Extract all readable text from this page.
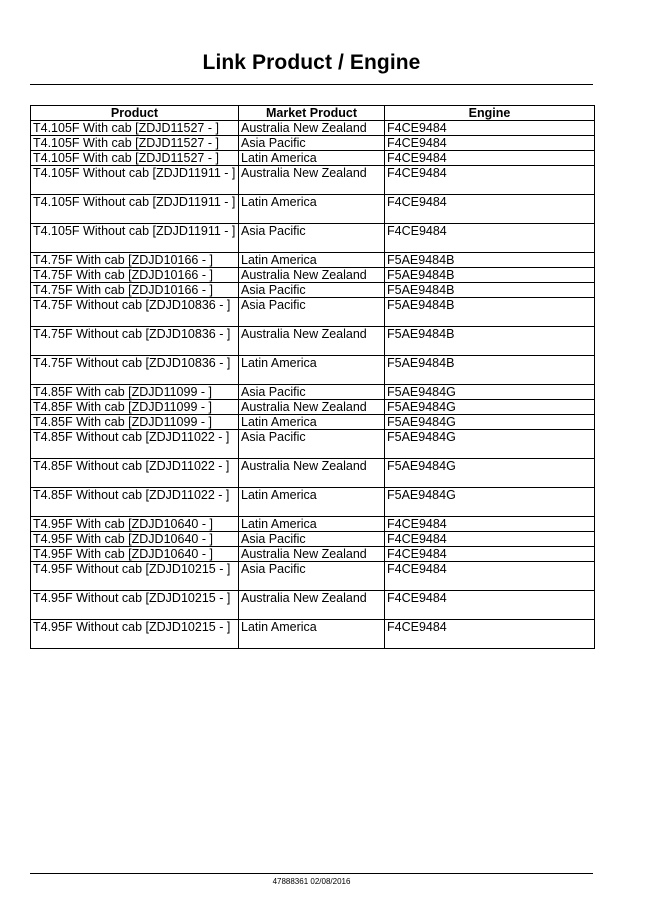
Link Product / Engine
Product	Market Product	Engine
T4.105F With cab [ZDJD11527 - ]	Australia New Zealand	F4CE9484
T4.105F With cab [ZDJD11527 - ]	Asia Pacific	F4CE9484
T4.105F With cab [ZDJD11527 - ]	Latin America	F4CE9484
T4.105F Without cab [ZDJD11911 - ]	Australia New Zealand	F4CE9484
T4.105F Without cab [ZDJD11911 - ]	Latin America	F4CE9484
T4.105F Without cab [ZDJD11911 - ]	Asia Pacific	F4CE9484
T4.75F With cab [ZDJD10166 - ]	Latin America	F5AE9484B
T4.75F With cab [ZDJD10166 - ]	Australia New Zealand	F5AE9484B
T4.75F With cab [ZDJD10166 - ]	Asia Pacific	F5AE9484B
T4.75F Without cab [ZDJD10836 - ]	Asia Pacific	F5AE9484B
T4.75F Without cab [ZDJD10836 - ]	Australia New Zealand	F5AE9484B
T4.75F Without cab [ZDJD10836 - ]	Latin America	F5AE9484B
T4.85F With cab [ZDJD11099 - ]	Asia Pacific	F5AE9484G
T4.85F With cab [ZDJD11099 - ]	Australia New Zealand	F5AE9484G
T4.85F With cab [ZDJD11099 - ]	Latin America	F5AE9484G
T4.85F Without cab [ZDJD11022 - ]	Asia Pacific	F5AE9484G
T4.85F Without cab [ZDJD11022 - ]	Australia New Zealand	F5AE9484G
T4.85F Without cab [ZDJD11022 - ]	Latin America	F5AE9484G
T4.95F With cab [ZDJD10640 - ]	Latin America	F4CE9484
T4.95F With cab [ZDJD10640 - ]	Asia Pacific	F4CE9484
T4.95F With cab [ZDJD10640 - ]	Australia New Zealand	F4CE9484
T4.95F Without cab [ZDJD10215 - ]	Asia Pacific	F4CE9484
T4.95F Without cab [ZDJD10215 - ]	Australia New Zealand	F4CE9484
T4.95F Without cab [ZDJD10215 - ]	Latin America	F4CE9484
47888361 02/08/2016
